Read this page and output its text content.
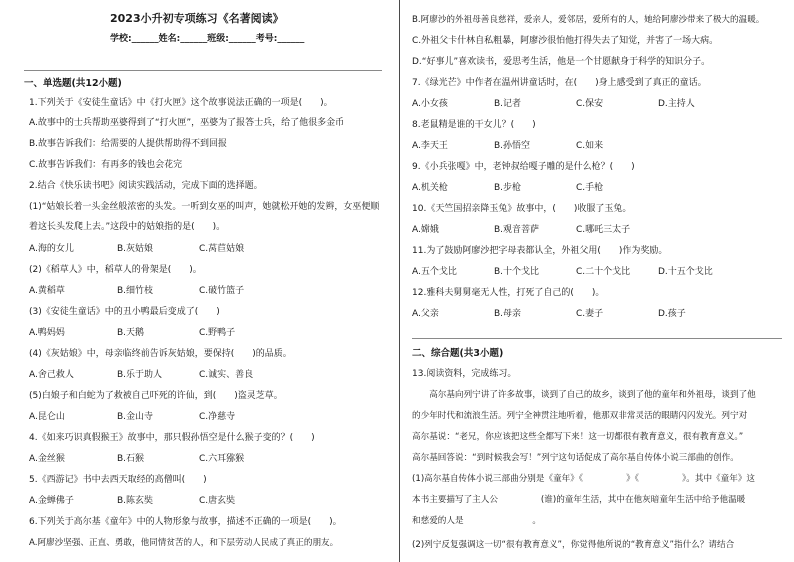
2023小升初专项练习《名著阅读》
学校:______姓名:______班级:______考号:______
一、单选题(共12小题)
1.下列关于《安徒生童话》中《打火匣》这个故事说法正确的一项是(　　)。
A.故事中的士兵帮助巫婆得到了“打火匣”，巫婆为了报答士兵，给了他很多金币
B.故事告诉我们：给需要的人提供帮助得不到回报
C.故事告诉我们：有再多的钱也会花完
2.结合《快乐读书吧》阅读实践活动，完成下面的选择题。
(1)“姑娘长着一头金丝般浓密的头发。一听到女巫的叫声，她就松开她的发辫，女巫便顺
着这长头发爬上去。”这段中的姑娘指的是(　　)。
A.海的女儿	B.灰姑娘	C.莴苣姑娘
(2)《稻草人》中，稻草人的骨架是(　　)。
A.黄稻草	B.细竹枝	C.破竹篮子
(3)《安徒生童话》中的丑小鸭最后变成了(　　)
A.鸭妈妈	B.天鹅	C.野鸭子
(4)《灰姑娘》中，母亲临终前告诉灰姑娘，要保持(　　)的品质。
A.舍己救人	B.乐于助人	C.诚实、善良
(5)白娘子和白蛇为了救被自己吓死的许仙，到(　　)盗灵芝草。
A.昆仑山	B.金山寺	C.净慈寺
4.《如来巧识真假猴王》故事中，那只假孙悟空是什么猴子变的？(　　)
A.金丝猴	B.石猴	C.六耳猕猴
5.《西游记》书中去西天取经的高僧叫(　　)
A.金蝉佛子	B.陈玄奘	C.唐玄奘
6.下列关于高尔基《童年》中的人物形象与故事，描述不正确的一项是(　　)。
A.阿廖沙坚强、正直、勇敢，他同情贫苦的人，和下层劳动人民成了真正的朋友。
B.阿廖沙的外祖母善良慈祥，爱亲人，爱邻居，爱所有的人，她给阿廖沙带来了极大的温暖。
C.外祖父卡什林自私粗暴，阿廖沙很怕他打得失去了知觉，并害了一场大病。
D.“好事儿”喜欢读书，爱思考生活，他是一个甘愿献身于科学的知识分子。
7.《绿光芒》中作者在温州讲童话时，在(　　)身上感受到了真正的童话。
A.小女孩	B.记者	C.保安	D.主持人
8.老鼠精是谁的干女儿？(　　)
A.李天王	B.孙悟空	C.如来
9.《小兵张嘎》中，老钟叔给嘎子雕的是什么枪？(　　)
A.机关枪	B.步枪	C.手枪
10.《天竺国招亲降玉兔》故事中，(　　)收服了玉兔。
A.嫦娥	B.观音菩萨	C.哪吒三太子
11.为了鼓励阿廖沙把字母表都认全，外祖父用(　　)作为奖励。
A.五个戈比	B.十个戈比	C.二十个戈比	D.十五个戈比
12.雅科夫舅舅毫无人性，打死了自己的(　　)。
A.父亲	B.母亲	C.妻子	D.孩子
二、综合题(共3小题)
13.阅读资料，完成练习。
　　高尔基向列宁讲了许多故事，谈到了自己的故乡，谈到了他的童年和外祖母，谈到了他
的少年时代和流浪生活。列宁全神贯注地听着，他那双非常灵活的眼睛闪闪发光。列宁对
高尔基说：“老兄，你应该把这些全都写下来！这一切都很有教育意义，很有教育意义。”
高尔基回答说：“到时候我会写！”列宁这句话促成了高尔基自传体小说三部曲的创作。
(1)高尔基自传体小说三部曲分别是《童年》《　　　　　》《　　　　　》。其中《童年》这
本书主要描写了主人公　　　　　(谁)的童年生活，其中在他灰暗童年生活中给予他温暖
和慈爱的人是　　　　　　　　。
(2)列宁反复强调这一切“很有教育意义”，你觉得他所说的“教育意义”指什么？请结合
